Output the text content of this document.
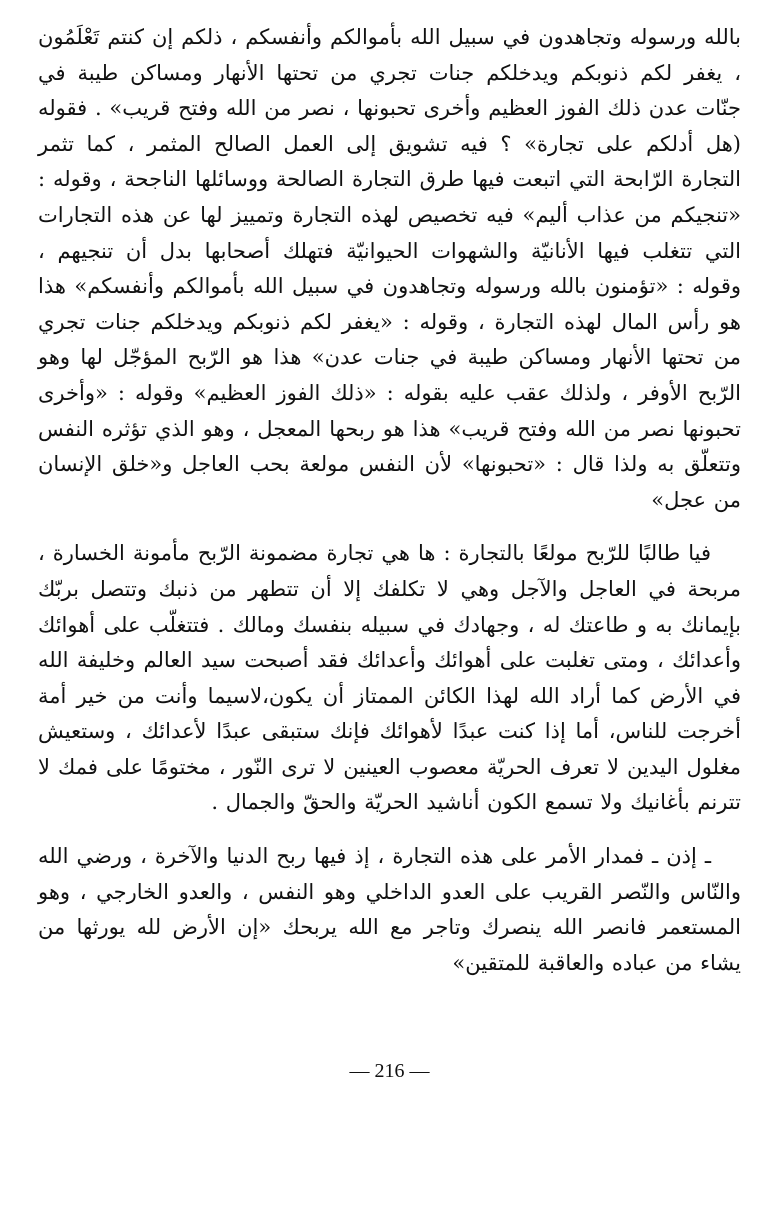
بالله ورسوله وتجاهدون في سبيل الله بأموالكم وأنفسكم ، ذلكم إن كنتم تَعْلَمُون ، يغفر لكم ذنوبكم ويدخلكم جنات تجري من تحتها الأنهار ومساكن طيبة في جنّات عدن ذلك الفوز العظيم وأخرى تحبونها ، نصر من الله وفتح قريب» . فقوله (هل أدلكم على تجارة» ؟ فيه تشويق إلى العمل الصالح المثمر ، كما تثمر التجارة الرّابحة التي اتبعت فيها طرق التجارة الصالحة ووسائلها الناجحة ، وقوله : «تنجيكم من عذاب أليم» فيه تخصيص لهذه التجارة وتمييز لها عن هذه التجارات التي تتغلب فيها الأنانيّة والشهوات الحيوانيّة فتهلك أصحابها بدل أن تنجيهم ، وقوله : «تؤمنون بالله ورسوله وتجاهدون في سبيل الله بأموالكم وأنفسكم» هذا هو رأس المال لهذه التجارة ، وقوله : «يغفر لكم ذنوبكم ويدخلكم جنات تجري من تحتها الأنهار ومساكن طيبة في جنات عدن» هذا هو الرّبح المؤجّل لها وهو الرّبح الأوفر ، ولذلك عقب عليه بقوله : «ذلك الفوز العظيم» وقوله : «وأخرى تحبونها نصر من الله وفتح قريب» هذا هو ربحها المعجل ، وهو الذي تؤثره النفس وتتعلّق به ولذا قال : «تحبونها» لأن النفس مولعة بحب العاجل و«خلق الإنسان من عجل»

فيا طالبًا للرّبح مولعًا بالتجارة : ها هي تجارة مضمونة الرّبح مأمونة الخسارة ، مربحة في العاجل والآجل وهي لا تكلفك إلا أن تتطهر من ذنبك وتتصل بربّك بإيمانك به و طاعتك له ، وجهادك في سبيله بنفسك ومالك . فتتغلّب على أهوائك وأعدائك ، ومتى تغلبت على أهوائك وأعدائك فقد أصبحت سيد العالم وخليفة الله في الأرض كما أراد الله لهذا الكائن الممتاز أن يكون،لاسيما وأنت من خير أمة أخرجت للناس، أما إذا كنت عبدًا لأهوائك فإنك ستبقى عبدًا لأعدائك ، وستعيش مغلول اليدين لا تعرف الحريّة معصوب العينين لا ترى النّور ، مختومًا على فمك لا تترنم بأغانيك ولا تسمع الكون أناشيد الحريّة والحقّ والجمال .

ـ إذن ـ فمدار الأمر على هذه التجارة ، إذ فيها ربح الدنيا والآخرة ، ورضي الله والنّاس والنّصر القريب على العدو الداخلي وهو النفس ، والعدو الخارجي ، وهو المستعمر فانصر الله ينصرك وتاجر مع الله يربحك «إن الأرض لله يورثها من يشاء من عباده والعاقبة للمتقين»

— 216 —
